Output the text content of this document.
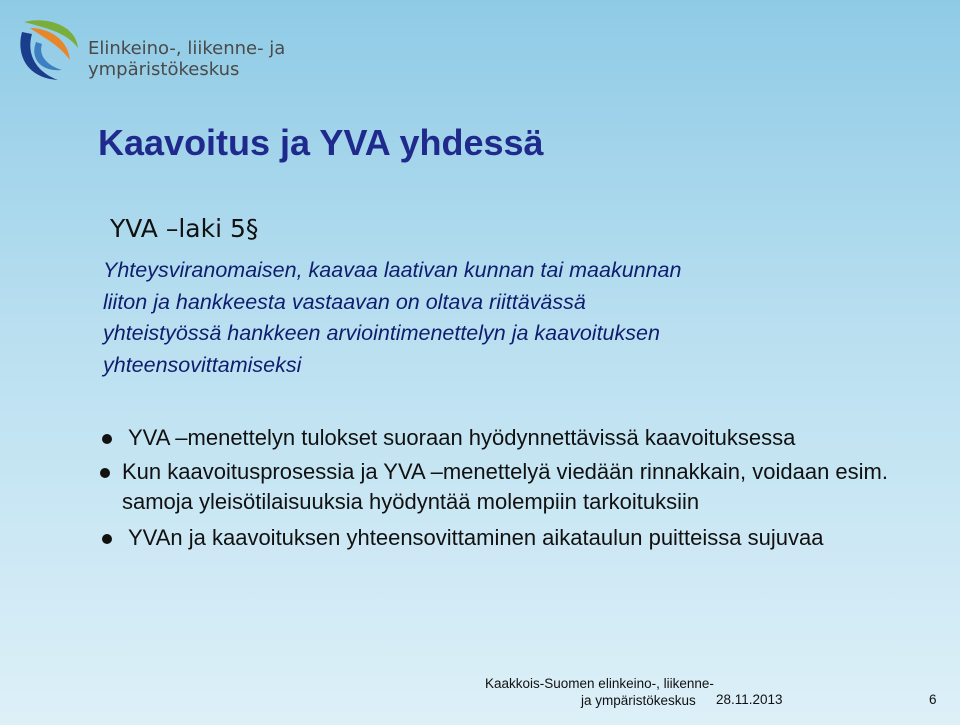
Elinkeino-, liikenne- ja
ympäristökeskus
Kaavoitus ja YVA yhdessä
YVA –laki 5§
Yhteysviranomaisen, kaavaa laativan kunnan tai maakunnan
liiton ja hankkeesta vastaavan on oltava riittävässä
yhteistyössä hankkeen arviointimenettelyn ja kaavoituksen
yhteensovittamiseksi
YVA –menettelyn tulokset suoraan hyödynnettävissä kaavoituksessa
Kun kaavoitusprosessia ja YVA –menettelyä viedään rinnakkain, voidaan esim. samoja yleisötilaisuuksia hyödyntää molempiin tarkoituksiin
YVAn ja kaavoituksen yhteensovittaminen aikataulun puitteissa sujuvaa
Kaakkois-Suomen elinkeino-, liikenne-
ja ympäristökeskus	28.11.2013	6
